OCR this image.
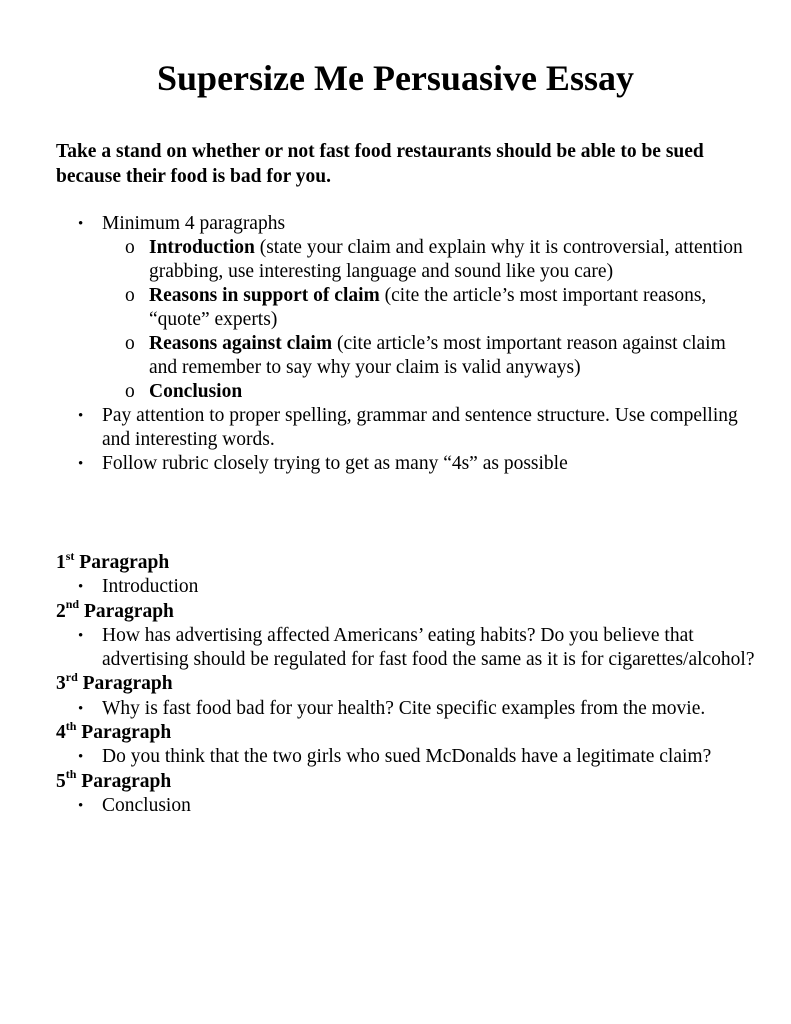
Supersize Me Persuasive Essay

Take a stand on whether or not fast food restaurants should be able to be sued because their food is bad for you.

• Minimum 4 paragraphs
o Introduction (state your claim and explain why it is controversial, attention grabbing, use interesting language and sound like you care)
o Reasons in support of claim (cite the article’s most important reasons, “quote” experts)
o Reasons against claim (cite article’s most important reason against claim and remember to say why your claim is valid anyways)
o Conclusion
• Pay attention to proper spelling, grammar and sentence structure. Use compelling and interesting words.
• Follow rubric closely trying to get as many “4s” as possible
1st Paragraph
• Introduction
2nd Paragraph
• How has advertising affected Americans’ eating habits? Do you believe that advertising should be regulated for fast food the same as it is for cigarettes/alcohol?
3rd Paragraph
• Why is fast food bad for your health? Cite specific examples from the movie.
4th Paragraph
• Do you think that the two girls who sued McDonalds have a legitimate claim?
5th Paragraph
• Conclusion
